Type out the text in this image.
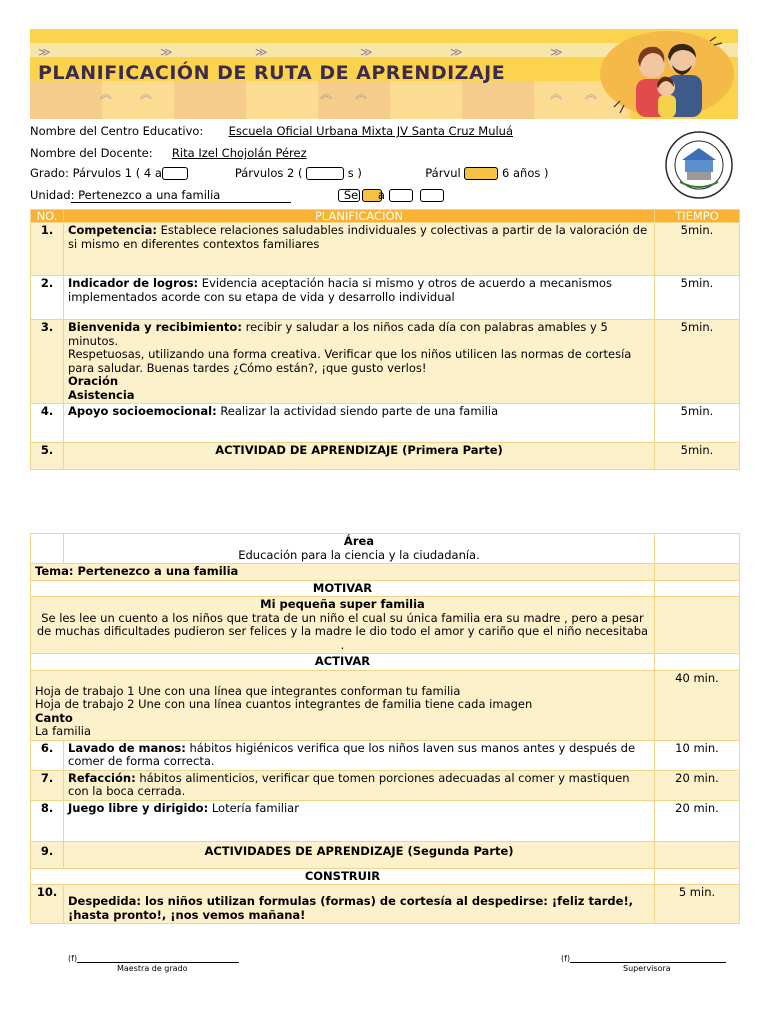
≫	≫	≫	≫	≫	≫
︽ ︽	︽ ︽	︽ ︽
PLANIFICACIÓN DE RUTA DE APRENDIZAJE
Nombre del Centro Educativo: Escuela Oficial Urbana Mixta JV Santa Cruz Muluá
Nombre del Docente: Rita Izel Chojolán Pérez
Grado: Párvulos 1 ( 4 a	Párvulos 2 (	s )	Párvul	6 años )
Unidad: Pertenezco a una familia	Se a
NO.	PLANIFICACIÓN	TIEMPO
1.	Competencia: Establece relaciones saludables individuales y colectivas a partir de la valoración de si mismo en diferentes contextos familiares	5min.
2.	Indicador de logros: Evidencia aceptación hacia si mismo y otros de acuerdo a mecanismos implementados acorde con su etapa de vida y desarrollo individual	5min.
3.	Bienvenida y recibimiento: recibir y saludar a los niños cada día con palabras amables y 5 minutos.
Respetuosas, utilizando una forma creativa. Verificar que los niños utilicen las normas de cortesía para saludar. Buenas tardes ¿Cómo están?, ¡que gusto verlos!
Oración
Asistencia	5min.
4.	Apoyo socioemocional: Realizar la actividad siendo parte de una familia	5min.
5.	ACTIVIDAD DE APRENDIZAJE (Primera Parte)	5min.
	Área
Educación para la ciencia y la ciudadanía.	
Tema: Pertenezco a una familia		
MOTIVAR		
Mi pequeña super familia
Se les lee un cuento a los niños que trata de un niño el cual su única familia era su madre , pero a pesar de muchas dificultades pudieron ser felices y la madre le dio todo el amor y cariño que el niño necesitaba .		
ACTIVAR		
Hoja de trabajo 1 Une con una línea que integrantes conforman tu familia
Hoja de trabajo 2 Une con una línea cuantos integrantes de familia tiene cada imagen
Canto
La familia		40 min.
6.	Lavado de manos: hábitos higiénicos verifica que los niños laven sus manos antes y después de comer de forma correcta.	10 min.
7.	Refacción: hábitos alimenticios, verificar que tomen porciones adecuadas al comer y mastiquen con la boca cerrada.	20 min.
8.	Juego libre y dirigido: Lotería familiar	20 min.
9.	ACTIVIDADES DE APRENDIZAJE (Segunda Parte)	
CONSTRUIR		
10.	Despedida: los niños utilizan formulas (formas) de cortesía al despedirse: ¡feliz tarde!, ¡hasta pronto!, ¡nos vemos mañana!	5 min.
(f)
Maestra de grado
(f)
Supervisora
